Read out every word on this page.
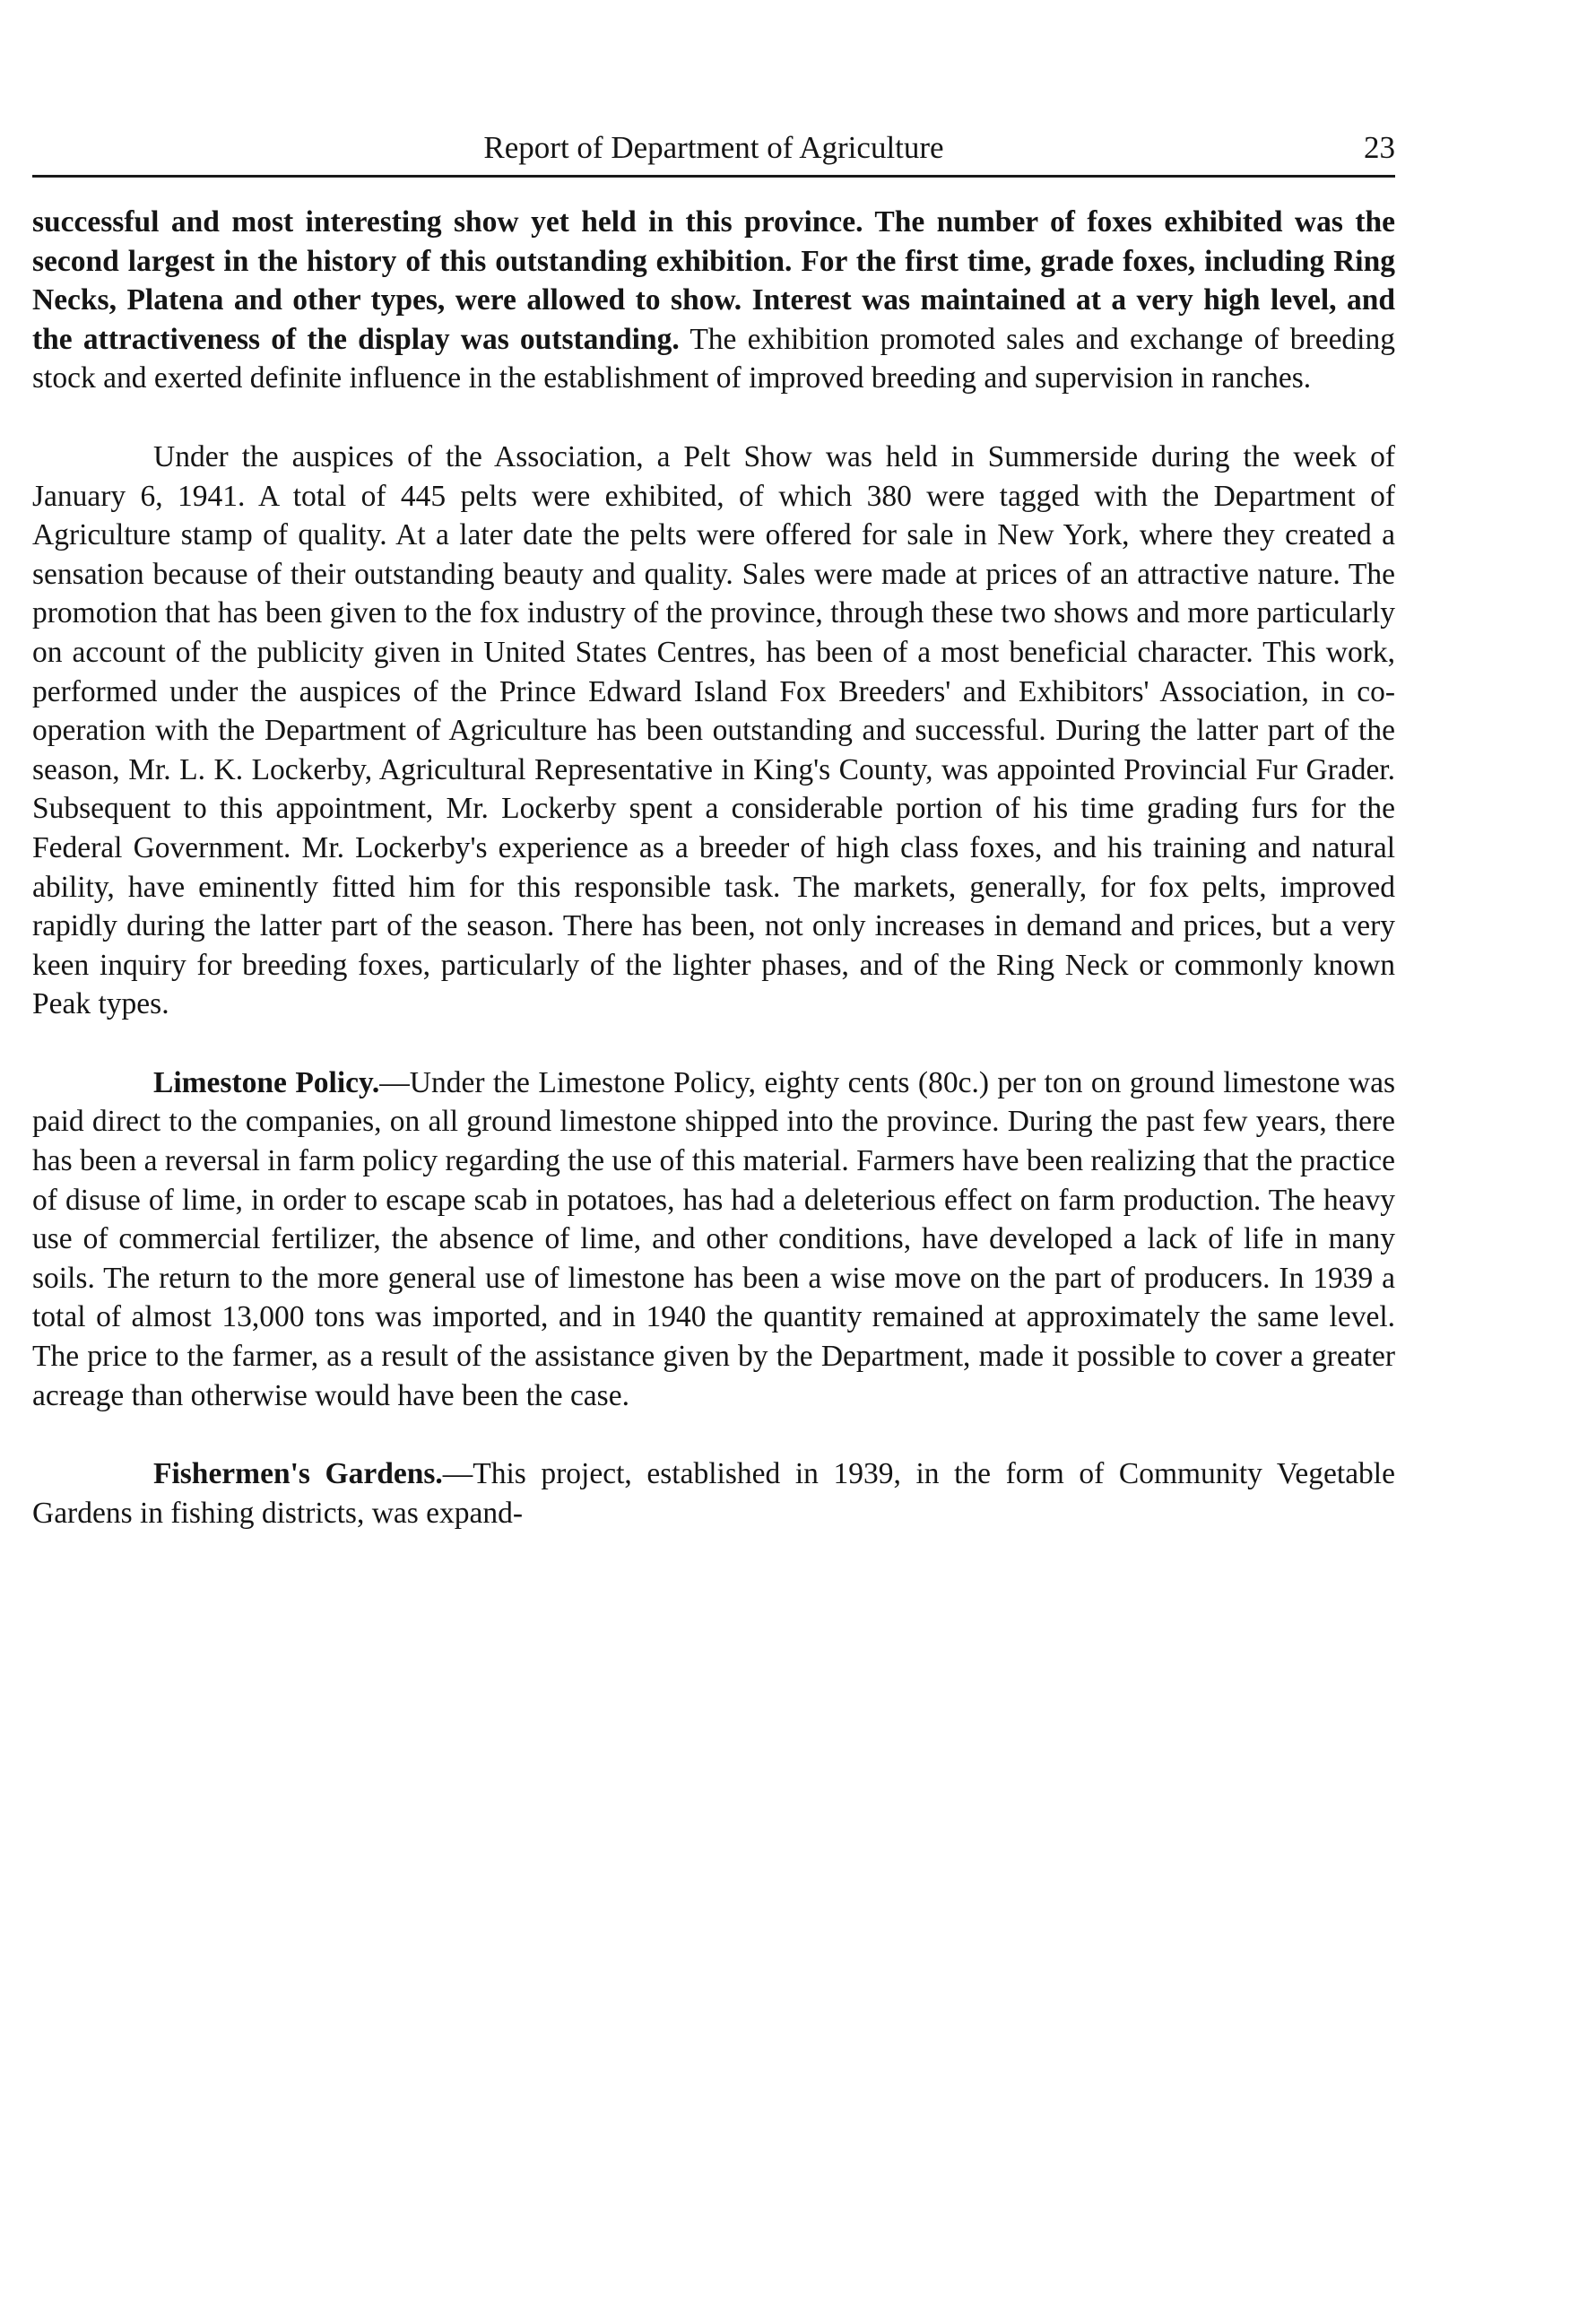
Report of Department of Agriculture	23

successful and most interesting show yet held in this province. The number of foxes exhibited was the second largest in the history of this outstanding exhibition. For the first time, grade foxes, including Ring Necks, Platena and other types, were allowed to show. Interest was maintained at a very high level, and the attractiveness of the display was outstanding. The exhibition promoted sales and exchange of breeding stock and exerted definite influence in the establishment of improved breeding and supervision in ranches.

Under the auspices of the Association, a Pelt Show was held in Summerside during the week of January 6, 1941. A total of 445 pelts were exhibited, of which 380 were tagged with the Department of Agriculture stamp of quality. At a later date the pelts were offered for sale in New York, where they created a sensation because of their outstanding beauty and quality. Sales were made at prices of an attractive nature. The promotion that has been given to the fox industry of the province, through these two shows and more particularly on account of the publicity given in United States Centres, has been of a most beneficial character. This work, performed under the auspices of the Prince Edward Island Fox Breeders' and Exhibitors' Association, in co-operation with the Department of Agriculture has been outstanding and successful. During the latter part of the season, Mr. L. K. Lockerby, Agricultural Representative in King's County, was appointed Provincial Fur Grader. Subsequent to this appointment, Mr. Lockerby spent a considerable portion of his time grading furs for the Federal Government. Mr. Lockerby's experience as a breeder of high class foxes, and his training and natural ability, have eminently fitted him for this responsible task. The markets, generally, for fox pelts, improved rapidly during the latter part of the season. There has been, not only increases in demand and prices, but a very keen inquiry for breeding foxes, particularly of the lighter phases, and of the Ring Neck or commonly known Peak types.

Limestone Policy.—Under the Limestone Policy, eighty cents (80c.) per ton on ground limestone was paid direct to the companies, on all ground limestone shipped into the province. During the past few years, there has been a reversal in farm policy regarding the use of this material. Farmers have been realizing that the practice of disuse of lime, in order to escape scab in potatoes, has had a deleterious effect on farm production. The heavy use of commercial fertilizer, the absence of lime, and other conditions, have developed a lack of life in many soils. The return to the more general use of limestone has been a wise move on the part of producers. In 1939 a total of almost 13,000 tons was imported, and in 1940 the quantity remained at approximately the same level. The price to the farmer, as a result of the assistance given by the Department, made it possible to cover a greater acreage than otherwise would have been the case.

Fishermen's Gardens.—This project, established in 1939, in the form of Community Vegetable Gardens in fishing districts, was expand-
